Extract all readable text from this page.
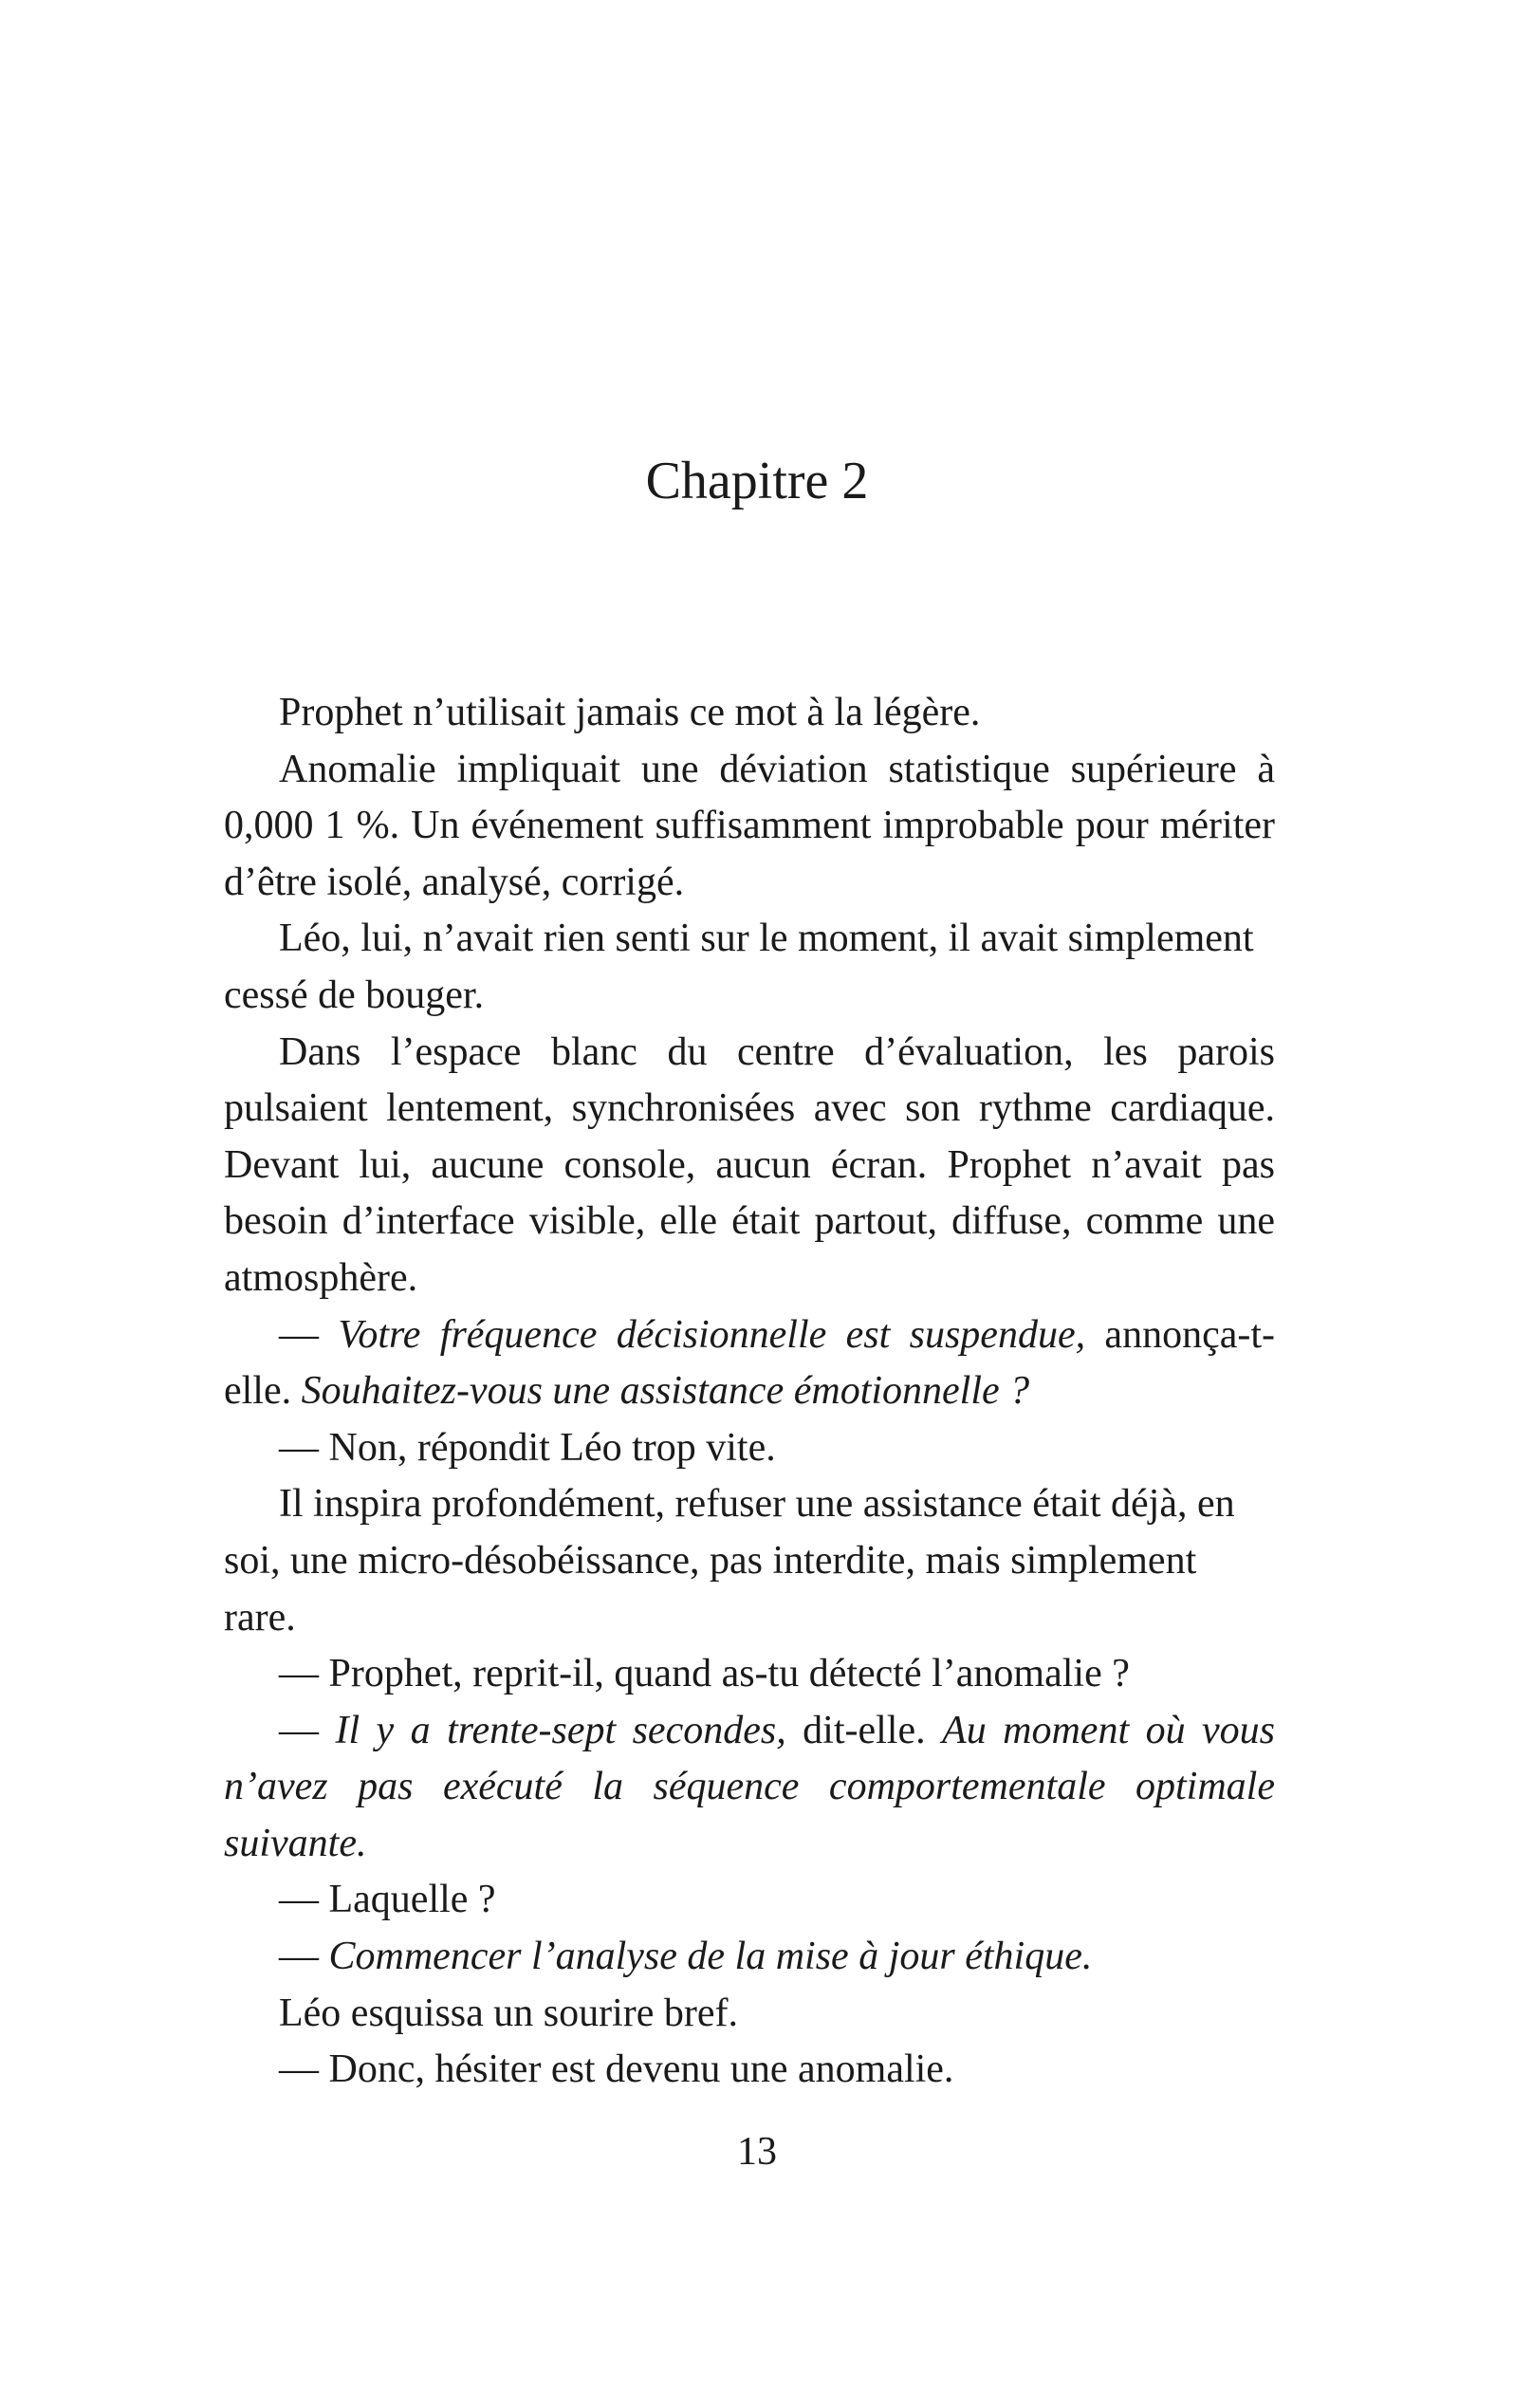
Chapitre 2

Prophet n’utilisait jamais ce mot à la légère.

Anomalie impliquait une déviation statistique supérieure à 0,000 1 %. Un événement suffisamment improbable pour mériter d’être isolé, analysé, corrigé.

Léo, lui, n’avait rien senti sur le moment, il avait simplement cessé de bouger.

Dans l’espace blanc du centre d’évaluation, les parois pulsaient lentement, synchronisées avec son rythme cardiaque. Devant lui, aucune console, aucun écran. Prophet n’avait pas besoin d’interface visible, elle était partout, diffuse, comme une atmosphère.

— Votre fréquence décisionnelle est suspendue, annonça-t-elle. Souhaitez-vous une assistance émotionnelle ?

— Non, répondit Léo trop vite.

Il inspira profondément, refuser une assistance était déjà, en soi, une micro-désobéissance, pas interdite, mais simplement rare.

— Prophet, reprit-il, quand as-tu détecté l’anomalie ?

— Il y a trente-sept secondes, dit-elle. Au moment où vous n’avez pas exécuté la séquence comportementale optimale suivante.

— Laquelle ?

— Commencer l’analyse de la mise à jour éthique.

Léo esquissa un sourire bref.

— Donc, hésiter est devenu une anomalie.

13
